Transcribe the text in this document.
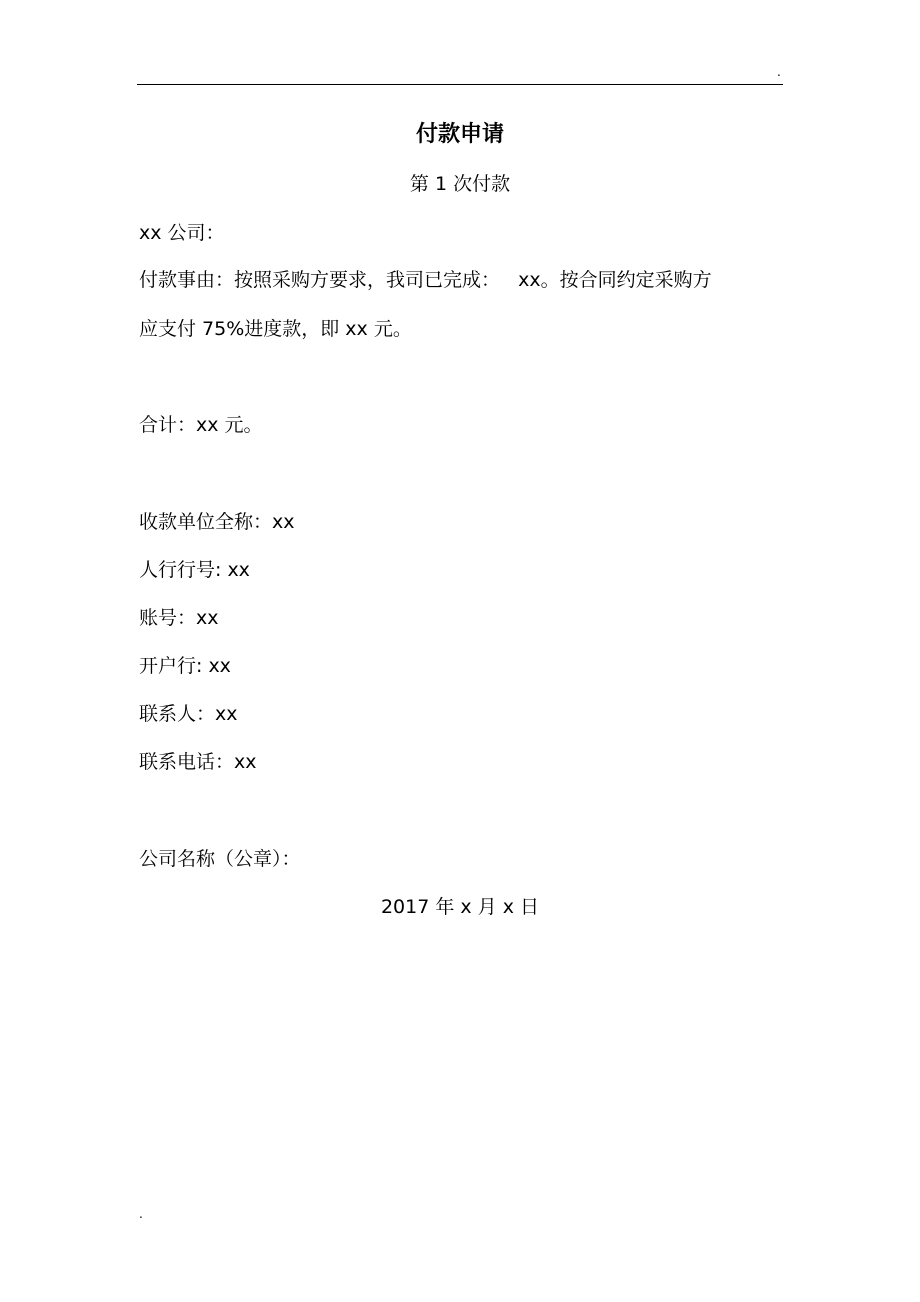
.
付款申请
第 1 次付款
xx 公司：
付款事由：按照采购方要求，我司已完成：   xx。按合同约定采购方
应支付 75%进度款，即 xx 元。
合计：xx 元。
收款单位全称：xx
人行行号: xx
账号：xx
开户行: xx
联系人：xx
联系电话：xx
公司名称（公章）：
2017 年 x 月 x 日
.
